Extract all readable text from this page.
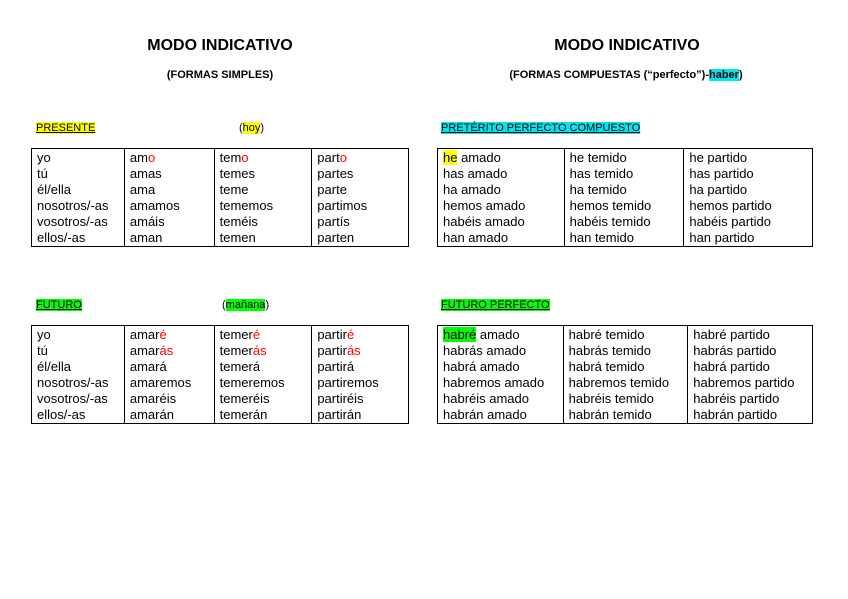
MODO INDICATIVO
(FORMAS SIMPLES)
MODO INDICATIVO
(FORMAS COMPUESTAS (“perfecto”)-haber)
PRESENTE	(hoy)
yo	amo	temo	parto
tú	amas	temes	partes
él/ella	ama	teme	parte
nosotros/-as	amamos	tememos	partimos
vosotros/-as	amáis	teméis	partís
ellos/-as	aman	temen	parten
PRETÉRITO PERFECTO COMPUESTO
he amado	he temido	he partido
has amado	has temido	has partido
ha amado	ha temido	ha partido
hemos amado	hemos temido	hemos partido
habéis amado	habéis temido	habéis partido
han amado	han temido	han partido
FUTURO	(mañana)
yo	amaré	temeré	partiré
tú	amarás	temerás	partirás
él/ella	amará	temerá	partirá
nosotros/-as	amaremos	temeremos	partiremos
vosotros/-as	amaréis	temeréis	partiréis
ellos/-as	amarán	temerán	partirán
FUTURO PERFECTO
habré amado	habré temido	habré partido
habrás amado	habrás temido	habrás partido
habrá amado	habrá temido	habrá partido
habremos amado	habremos temido	habremos partido
habréis amado	habréis temido	habréis partido
habrán amado	habrán temido	habrán partido
